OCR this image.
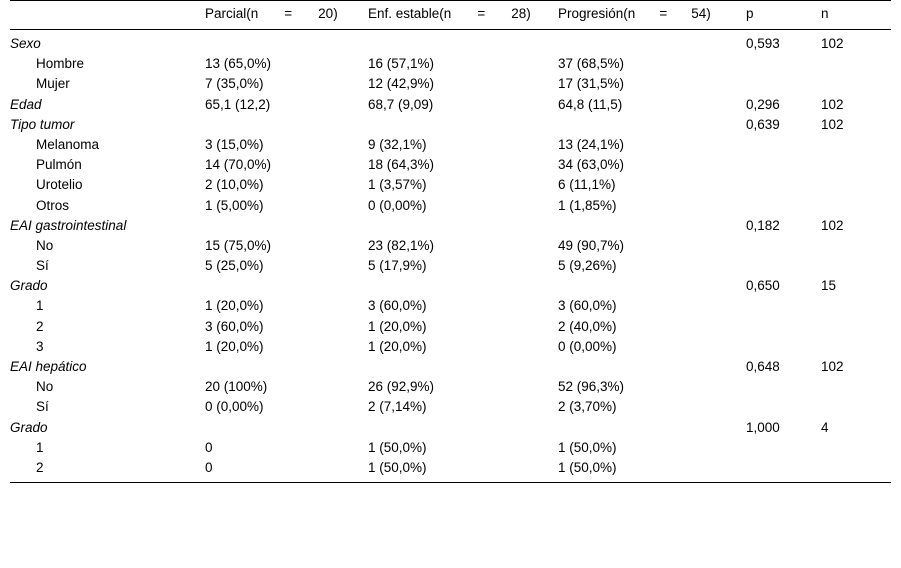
	Parcial(n = 20)	Enf. estable(n = 28)	Progresión(n = 54)	p	n
Sexo				0,593	102
Hombre	13 (65,0%)	16 (57,1%)	37 (68,5%)		
Mujer	7 (35,0%)	12 (42,9%)	17 (31,5%)		
Edad	65,1 (12,2)	68,7 (9,09)	64,8 (11,5)	0,296	102
Tipo tumor				0,639	102
Melanoma	3 (15,0%)	9 (32,1%)	13 (24,1%)		
Pulmón	14 (70,0%)	18 (64,3%)	34 (63,0%)		
Urotelio	2 (10,0%)	1 (3,57%)	6 (11,1%)		
Otros	1 (5,00%)	0 (0,00%)	1 (1,85%)		
EAI gastrointestinal				0,182	102
No	15 (75,0%)	23 (82,1%)	49 (90,7%)		
Sí	5 (25,0%)	5 (17,9%)	5 (9,26%)		
Grado				0,650	15
1	1 (20,0%)	3 (60,0%)	3 (60,0%)		
2	3 (60,0%)	1 (20,0%)	2 (40,0%)		
3	1 (20,0%)	1 (20,0%)	0 (0,00%)		
EAI hepático				0,648	102
No	20 (100%)	26 (92,9%)	52 (96,3%)		
Sí	0 (0,00%)	2 (7,14%)	2 (3,70%)		
Grado				1,000	4
1	0	1 (50,0%)	1 (50,0%)		
2	0	1 (50,0%)	1 (50,0%)		
